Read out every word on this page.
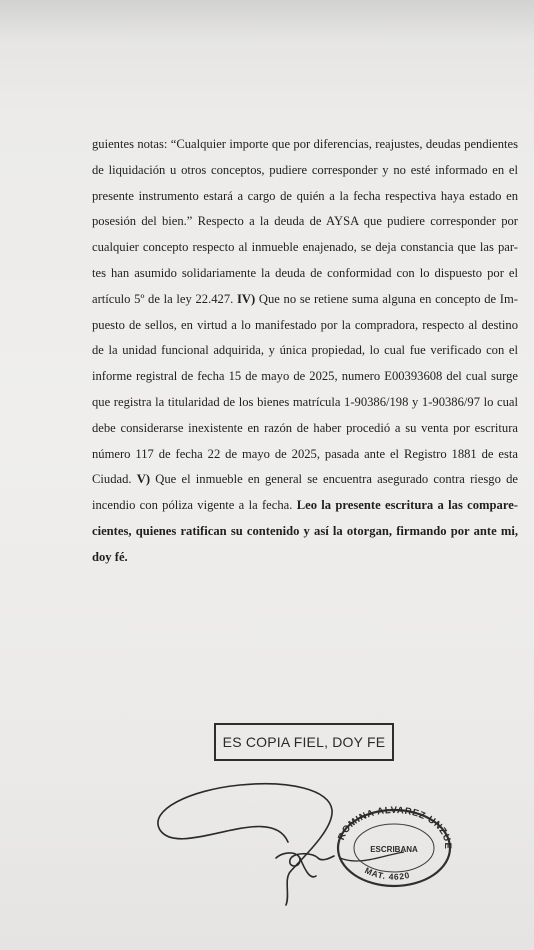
guientes notas: “Cualquier importe que por diferencias, reajustes, deudas pendientes
de liquidación u otros conceptos, pudiere corresponder y no esté informado en el
presente instrumento estará a cargo de quién a la fecha respectiva haya estado en
posesión del bien.” Respecto a la deuda de AYSA que pudiere corresponder por
cualquier concepto respecto al inmueble enajenado, se deja constancia que las par-
tes han asumido solidariamente la deuda de conformidad con lo dispuesto por el
artículo 5º de la ley 22.427. IV) Que no se retiene suma alguna en concepto de Im-
puesto de sellos, en virtud a lo manifestado por la compradora, respecto al destino
de la unidad funcional adquirida, y única propiedad, lo cual fue verificado con el
informe registral de fecha 15 de mayo de 2025, numero E00393608 del cual surge
que registra la titularidad de los bienes matrícula 1-90386/198 y 1-90386/97 lo cual
debe considerarse inexistente en razón de haber procedió a su venta por escritura
número 117 de fecha 22 de mayo de 2025, pasada ante el Registro 1881 de esta
Ciudad. V) Que el inmueble en general se encuentra asegurado contra riesgo de
incendio con póliza vigente a la fecha. Leo la presente escritura a las compare-
cientes, quienes ratifican su contenido y así la otorgan, firmando por ante mi,
doy fé.
ES COPIA FIEL, DOY FE
ROMINA ALVAREZ UNZUE
ESCRIBANA
MAT. 4620
